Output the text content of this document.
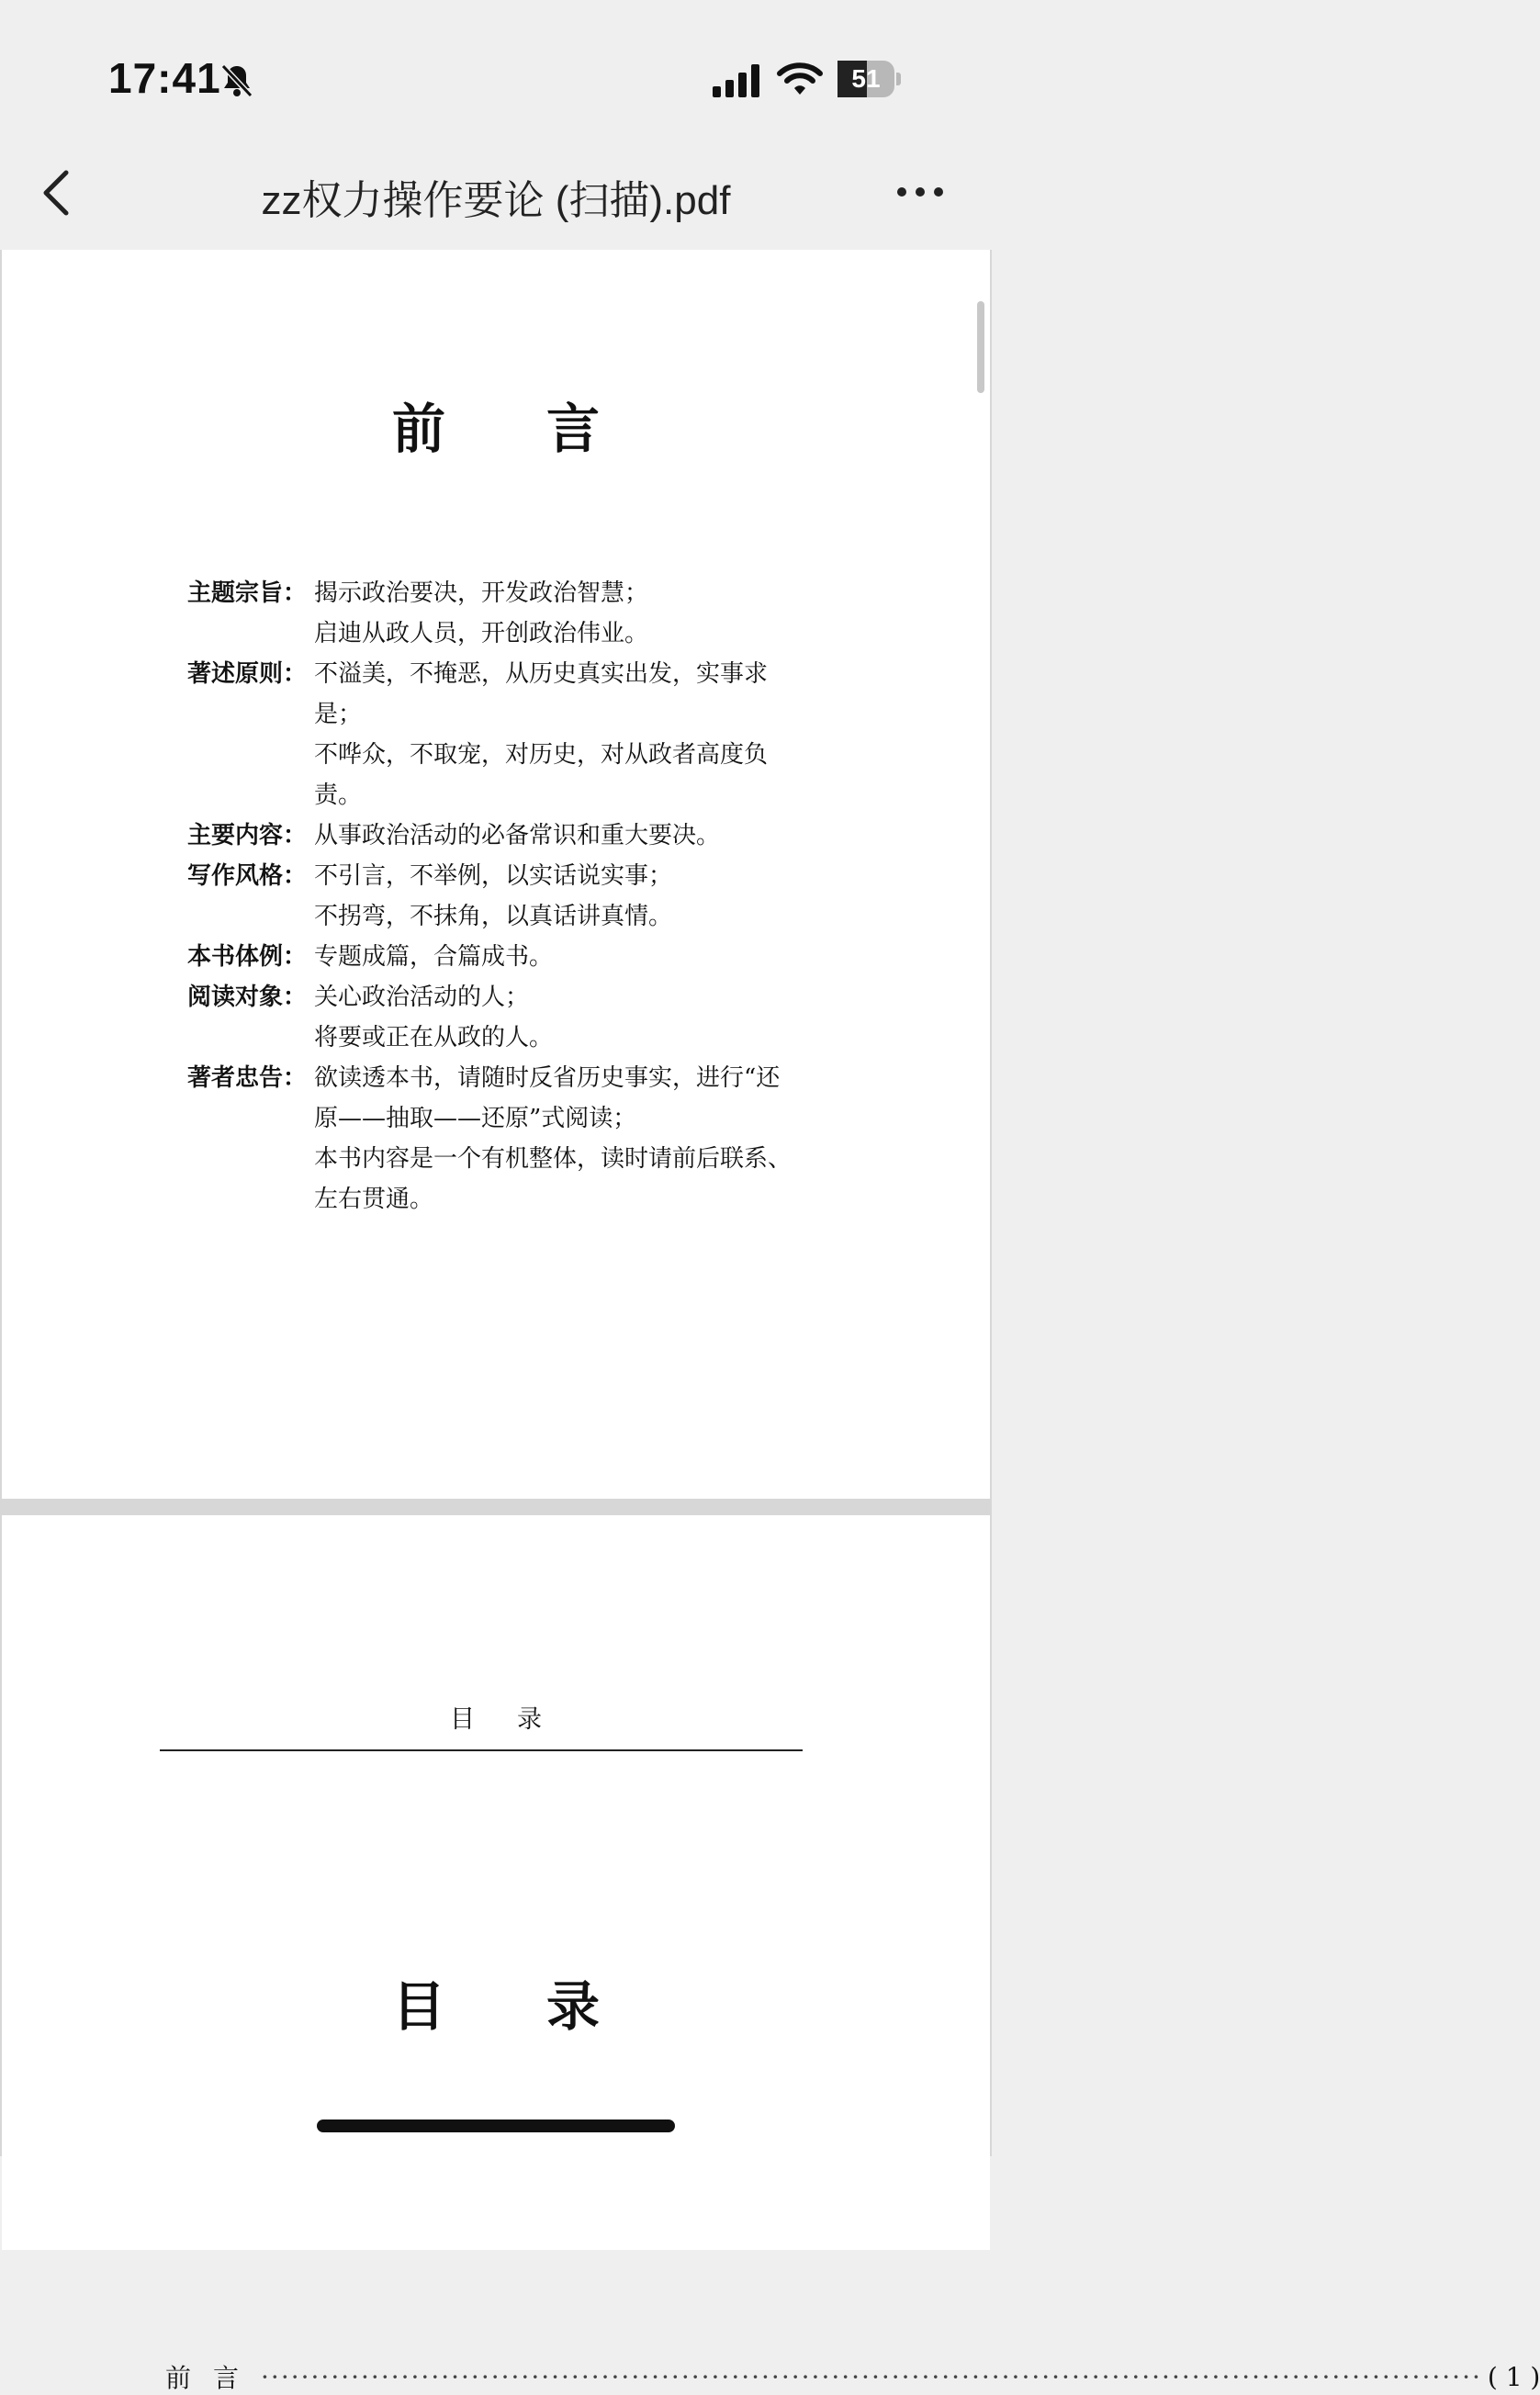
17:41	51
zz权力操作要论 (扫描).pdf
前言
主题宗旨： 揭示政治要决，开发政治智慧；
启迪从政人员，开创政治伟业。
著述原则： 不溢美，不掩恶，从历史真实出发，实事求
是；
不哗众，不取宠，对历史，对从政者高度负
责。
主要内容： 从事政治活动的必备常识和重大要决。
写作风格： 不引言，不举例，以实话说实事；
不拐弯，不抹角，以真话讲真情。
本书体例： 专题成篇，合篇成书。
阅读对象： 关心政治活动的人；
将要或正在从政的人。
著者忠告： 欲读透本书，请随时反省历史事实，进行“还
原——抽取——还原”式阅读；
本书内容是一个有机整体，读时请前后联系、
左右贯通。
目录
目录
前言 ·························································································································· ( 1 )
